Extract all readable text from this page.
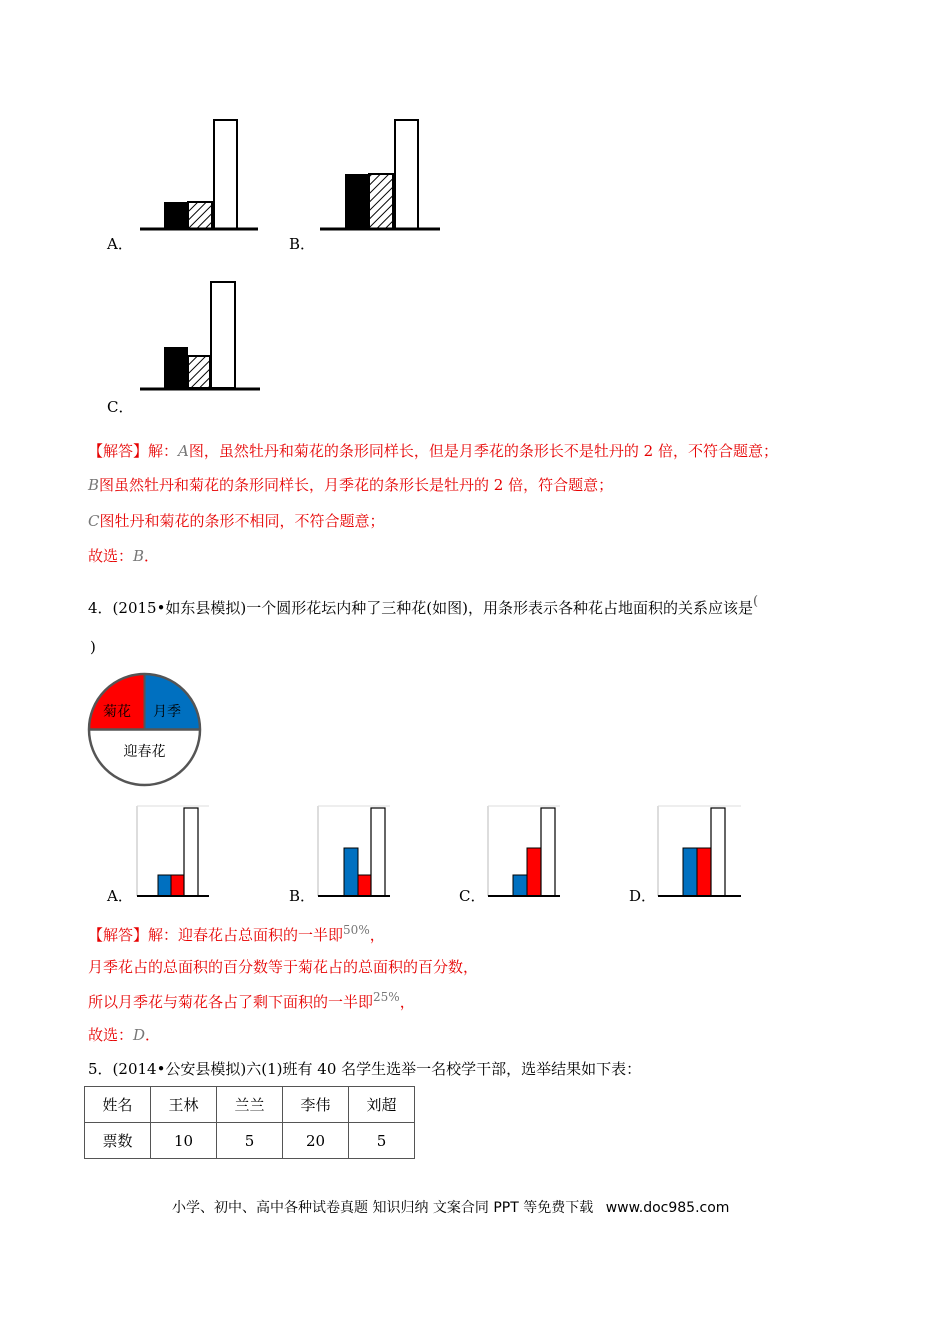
A．	B．
C．
【解答】解：A图，虽然牡丹和菊花的条形同样长，但是月季花的条形长不是牡丹的 2 倍，不符合题意；
B图虽然牡丹和菊花的条形同样长，月季花的条形长是牡丹的 2 倍，符合题意；
C图牡丹和菊花的条形不相同，不符合题意；
故选：B．
4．(2015•如东县模拟)一个圆形花坛内种了三种花(如图)，用条形表示各种花占地面积的关系应该是(
)
菊花 月季
迎春花
A．	B．	C．	D．
【解答】解：迎春花占总面积的一半即$^{50\%}$，
月季花占的总面积的百分数等于菊花占的总面积的百分数，
所以月季花与菊花各占了剩下面积的一半即$^{25\%}$，
故选：D．
5．(2014•公安县模拟)六(1)班有 40 名学生选举一名校学干部，选举结果如下表：
姓名	王林	兰兰	李伟	刘超
票数	10	5	20	5
小学、初中、高中各种试卷真题 知识归纳 文案合同 PPT 等免费下载 www.doc985.com
